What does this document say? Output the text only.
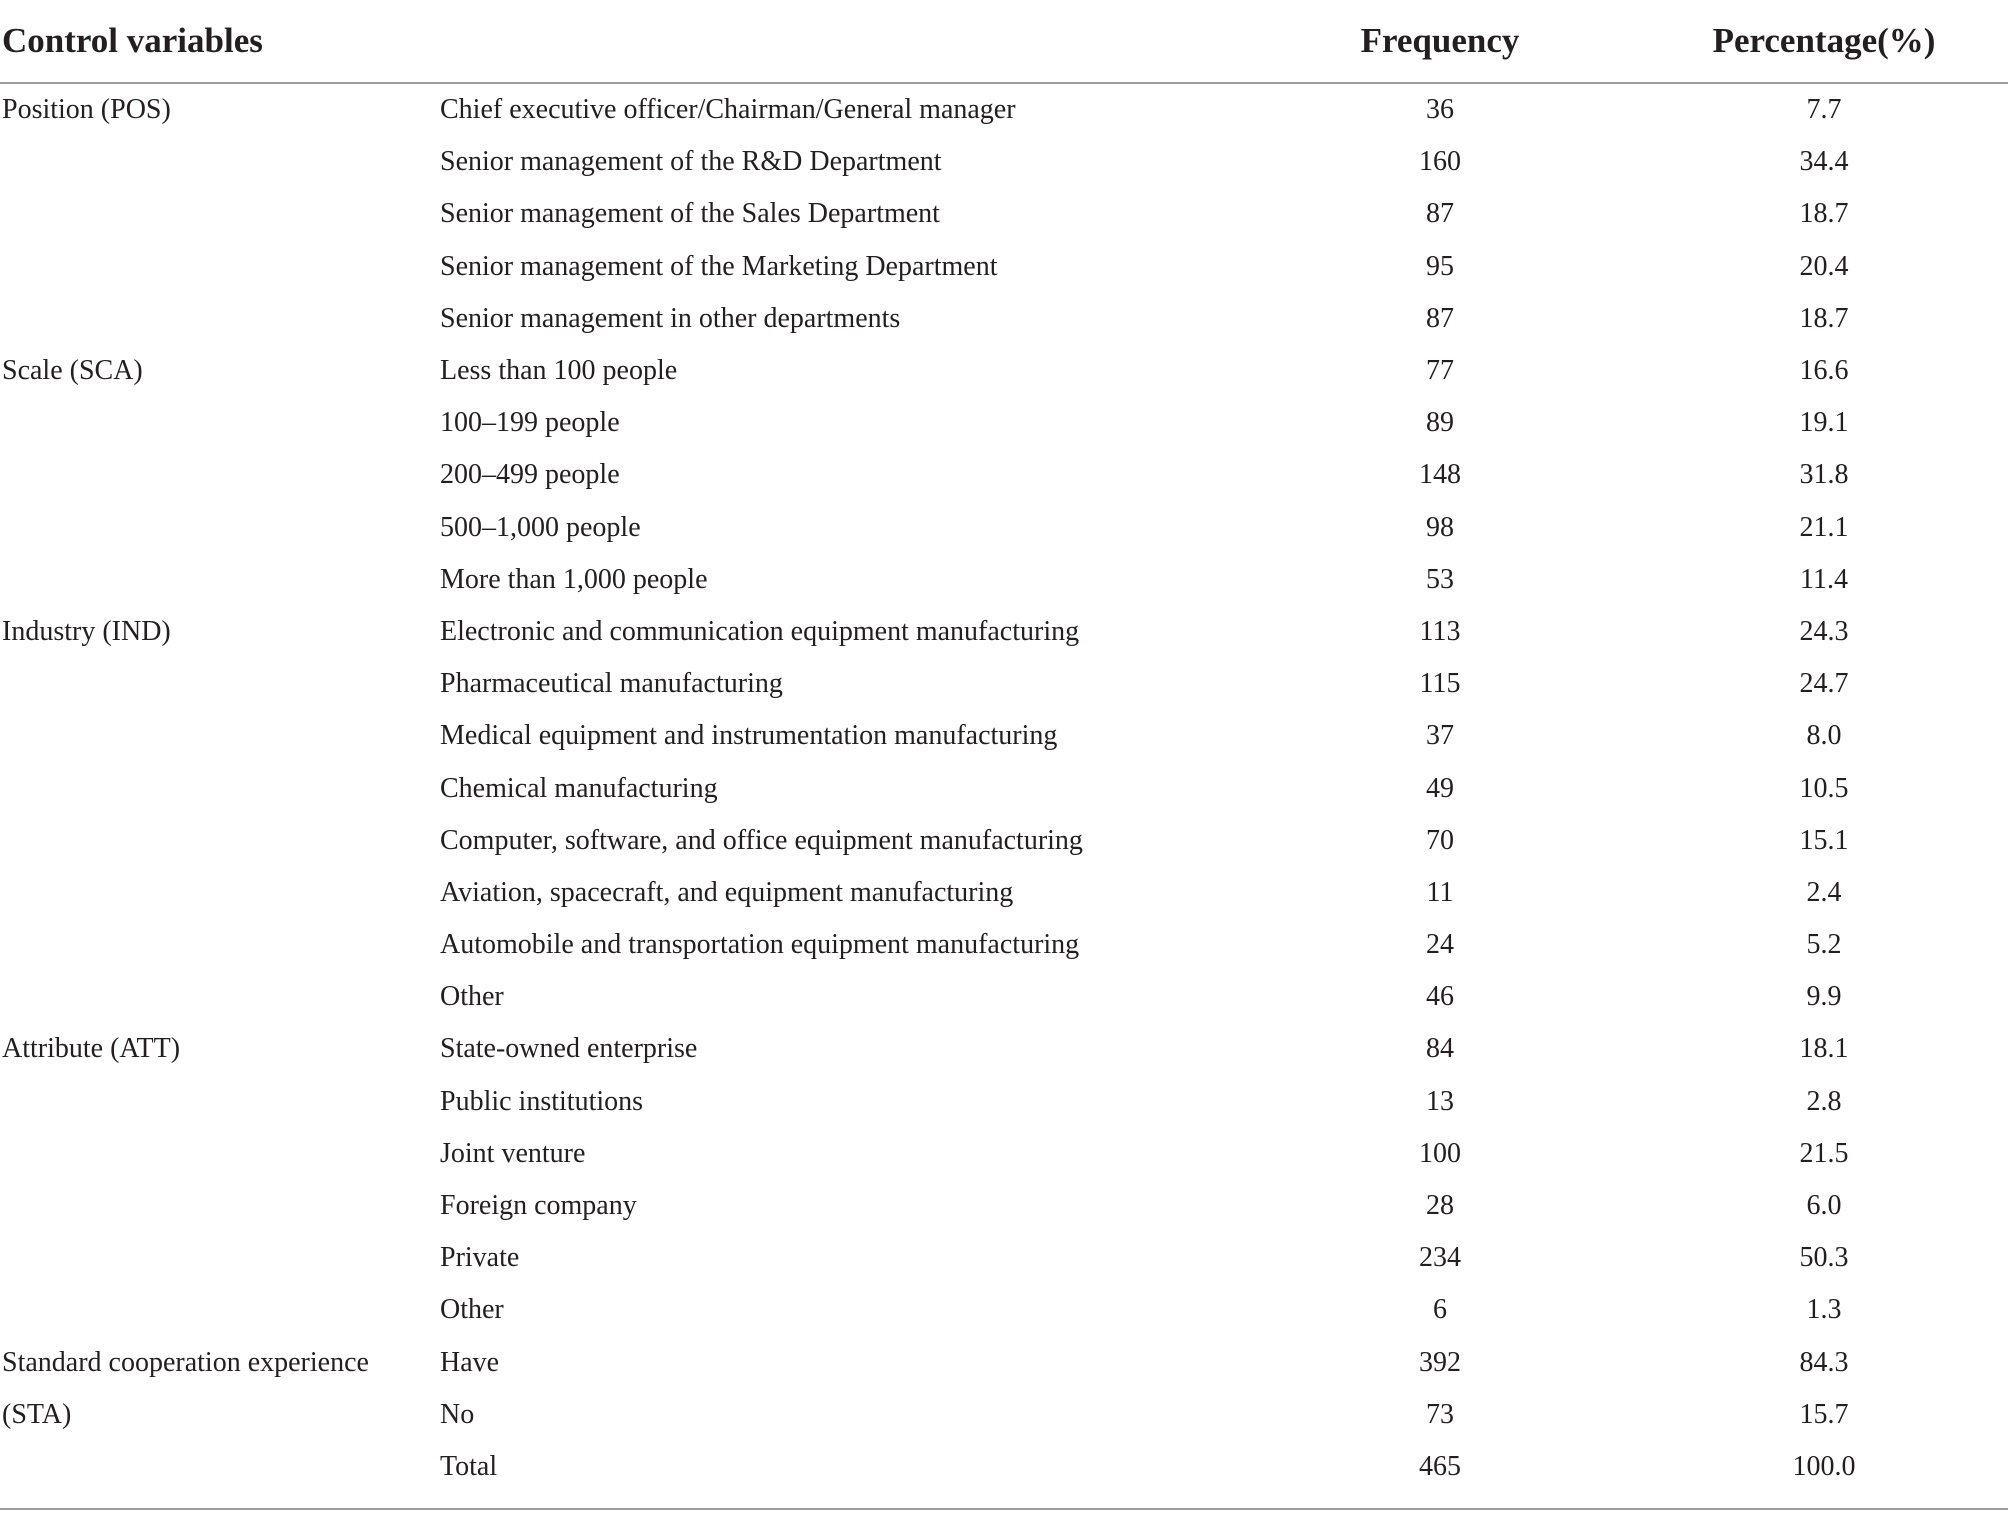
Control variables		Frequency	Percentage(%)
Position (POS)	Chief executive officer/Chairman/General manager	36	7.7
	Senior management of the R&D Department	160	34.4
	Senior management of the Sales Department	87	18.7
	Senior management of the Marketing Department	95	20.4
	Senior management in other departments	87	18.7
Scale (SCA)	Less than 100 people	77	16.6
	100–199 people	89	19.1
	200–499 people	148	31.8
	500–1,000 people	98	21.1
	More than 1,000 people	53	11.4
Industry (IND)	Electronic and communication equipment manufacturing	113	24.3
	Pharmaceutical manufacturing	115	24.7
	Medical equipment and instrumentation manufacturing	37	8.0
	Chemical manufacturing	49	10.5
	Computer, software, and office equipment manufacturing	70	15.1
	Aviation, spacecraft, and equipment manufacturing	11	2.4
	Automobile and transportation equipment manufacturing	24	5.2
	Other	46	9.9
Attribute (ATT)	State-owned enterprise	84	18.1
	Public institutions	13	2.8
	Joint venture	100	21.5
	Foreign company	28	6.0
	Private	234	50.3
	Other	6	1.3
Standard cooperation experience	Have	392	84.3
(STA)	No	73	15.7
	Total	465	100.0
